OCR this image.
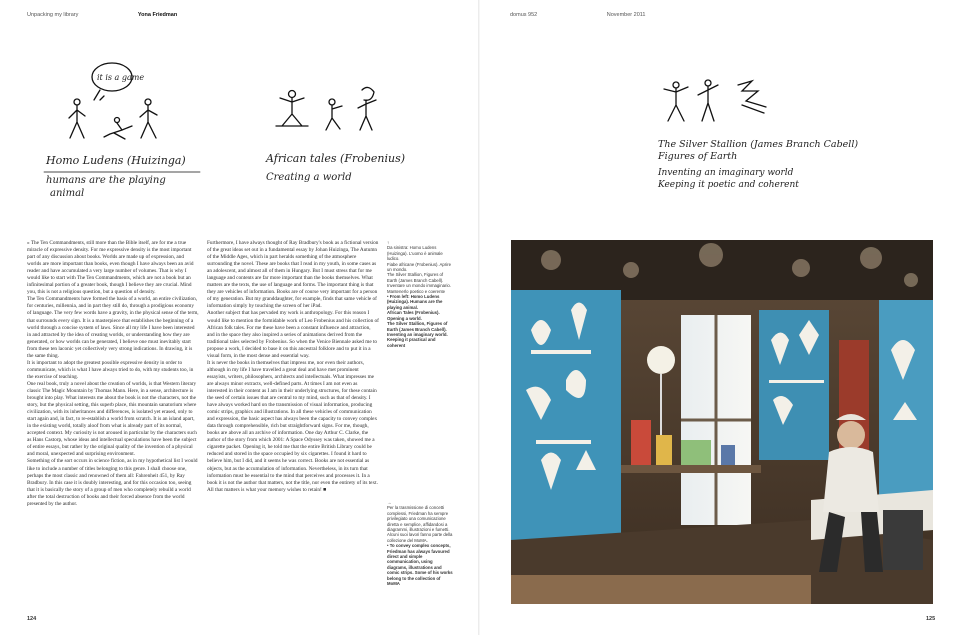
Unpacking my library	Yona Friedman
it is a game
Homo Ludens (Huizinga)
humans are the playing
animal
African tales (Frobenius)
Creating a world

» The Ten Commandments, still more than the Bible itself, are for me a true miracle of expressive density. For me expressive density is the most important part of any discussion about books. Worlds are made up of expression, and worlds are more important than books, even though I have always been an avid reader and have accumulated a very large number of volumes. That is why I would like to start with The Ten Commandments, which are not a book but an infinitesimal portion of a greater book, though I believe they are crucial. Mind you, this is not a religious question, but a question of density.

The Ten Commandments have formed the basis of a world, an entire civilization, for centuries, millennia, and in part they still do, through a prodigious economy of language. The very few words have a gravity, in the physical sense of the term, that surrounds every sign. It is a masterpiece that establishes the beginning of a world through a concise system of laws. Since all my life I have been interested in and attracted by the idea of creating worlds, or understanding how they are generated, or how worlds can be generated, I believe one must inevitably start from these ten laconic yet collectively very strong indications. In drawing, it is the same thing.

It is important to adopt the greatest possible expressive density in order to communicate, which is what I have always tried to do, with my students too, in the exercise of teaching.

One real book, truly a novel about the creation of worlds, is that Western literary classic The Magic Mountain by Thomas Mann. Here, in a sense, architecture is brought into play. What interests me about the book is not the characters, not the story, but the physical setting, this superb place, this mountain sanatorium where civilization, with its inheritances and differences, is isolated yet erased, only to start again and, in fact, to re-establish a world from scratch. It is an island apart, in the existing world, totally aloof from what is already part of its normal, accepted context. My curiosity is not aroused in particular by the characters such as Hans Castorp, whose ideas and intellectual speculations have been the subject of entire essays, but rather by the original quality of the invention of a physical and moral, unexpected and surprising environment.

Something of the sort occurs in science fiction, as in my hypothetical list I would like to include a number of titles belonging to this genre. I shall choose one, perhaps the most classic and renowned of them all: Fahrenheit 451, by Ray Bradbury. In this case it is doubly interesting, and for this occasion too, seeing that it is basically the story of a group of men who completely rebuild a world after the total destruction of books and their forced absence from the world presented by the author.

Furthermore, I have always thought of Ray Bradbury's book as a fictional version of the great ideas set out in a fundamental essay by Johan Huizinga, The Autumn of the Middle Ages, which in part heralds something of the atmosphere surrounding the novel. These are books that I read in my youth, in some cases as an adolescent, and almost all of them in Hungary. But I must stress that for me language and contents are far more important than the books themselves. What matters are the texts, the use of language and forms. The important thing is that they are vehicles of information. Books are of course very important for a person of my generation. But my granddaughter, for example, finds that same vehicle of information simply by touching the screen of her iPad.

Another subject that has pervaded my work is anthropology. For this reason I would like to mention the formidable work of Leo Frobenius and his collection of African folk tales. For me these have been a constant influence and attraction, and in the space they also inspired a series of animations derived from the traditional tales selected by Frobenius. So when the Venice Biennale asked me to propose a work, I decided to base it on this ancestral folklore and to put it in a visual form, in the most dense and essential way.

It is never the books in themselves that impress me, nor even their authors, although in my life I have travelled a great deal and have met prominent essayists, writers, philosophers, architects and intellectuals. What impresses me are always minor extracts, well-defined parts. At times I am not even as interested in their content as I am in their underlying structures, for these contain the seed of certain issues that are central to my mind, such as that of density. I have always worked hard on the transmission of visual information, producing comic strips, graphics and illustrations. In all these vehicles of communication and expression, the basic aspect has always been the capacity to convey complex data through comprehensible, rich but straightforward signs. For me, though, books are above all an archive of information. One day Arthur C. Clarke, the author of the story from which 2001: A Space Odyssey was taken, showed me a cigarette packet. Opening it, he told me that the entire British Library could be reduced and stored in the space occupied by six cigarettes. I found it hard to believe him, but I did, and it seems he was correct. Books are not essential as objects, but as the accumulation of information. Nevertheless, in its turn that information must be essential to the mind that perceives and processes it. In a book it is not the author that matters, not the title, nor even the entirety of its text. All that matters is what your memory wishes to retain! ■

↑

Da sinistra: Homo Ludens (Huizinga). L'uomo è animale ludico.

Fiabe africane (Frobenius). Aprire un mondo.

The Silver Stallion, Figures of Earth (James Branch Cabell). Inventare un mondo immaginario. Mantenerlo poetico e coerente

• From left: Homo Ludens (Huizinga). Humans are the playing animal.

African Tales (Frobenius). Opening a world.

The Silver Stallion, Figures of Earth (James Branch Cabell). Inventing an imaginary world. Keeping it practical and coherent

→

Per la trasmissione di concetti complessi, Friedman ha sempre privilegiato una comunicazione diretta e semplice, affidandosi a diagrammi, illustrazioni e fumetti. Alcuni suoi lavori fanno parte della collezione del MoMA.

• To convey complex concepts, Friedman has always favoured direct and simple communication, using diagrams, illustrations and comic strips. Some of his works belong to the collection of MoMA

124
domus 952	November 2011
The Silver Stallion (James Branch Cabell)
Figures of Earth
Inventing an imaginary world
Keeping it poetic and coherent
125
